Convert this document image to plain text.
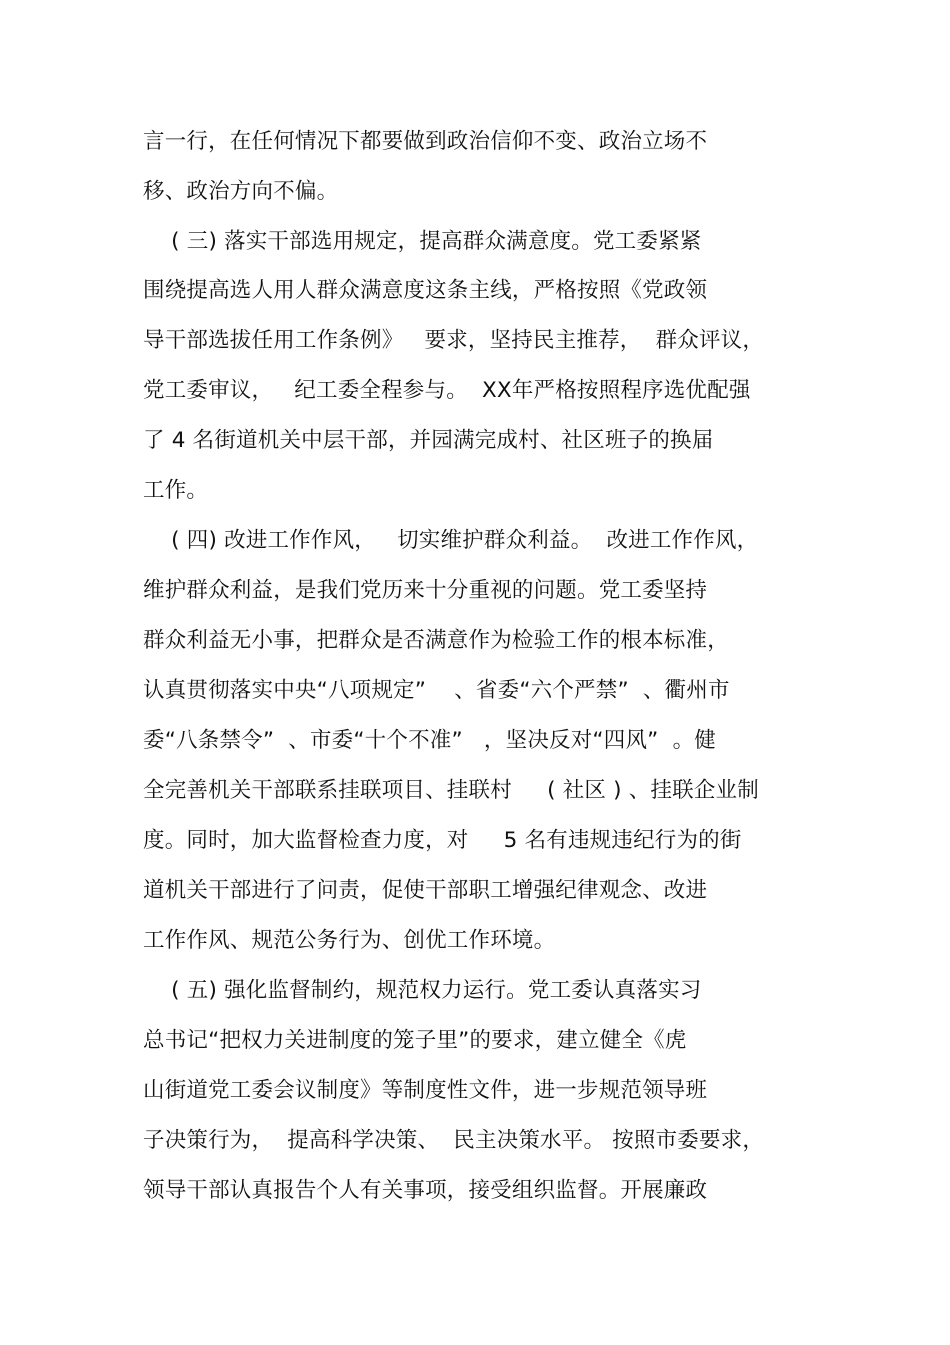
言一行，在任何情况下都要做到政治信仰不变、政治立场不
移、政治方向不偏。
( 三) 落实干部选用规定，提高群众满意度。党工委紧紧
围绕提高选人用人群众满意度这条主线，严格按照《党政领
导干部选拔任用工作条例》   要求，坚持民主推荐，  群众评议，
党工委审议，   纪工委全程参与。  XX年严格按照程序选优配强
了 4 名街道机关中层干部，并园满完成村、社区班子的换届
工作。
( 四) 改进工作作风，   切实维护群众利益。  改进工作作风，
维护群众利益，是我们党历来十分重视的问题。党工委坚持
群众利益无小事，把群众是否满意作为检验工作的根本标准，
认真贯彻落实中央“八项规定”    、省委“六个严禁”  、衢州市
委“八条禁令”  、市委“十个不准”   ，坚决反对“四风”  。健
全完善机关干部联系挂联项目、挂联村     ( 社区 ) 、挂联企业制
度。同时，加大监督检查力度，对     5 名有违规违纪行为的街
道机关干部进行了问责，促使干部职工增强纪律观念、改进
工作作风、规范公务行为、创优工作环境。
( 五) 强化监督制约，规范权力运行。党工委认真落实习
总书记“把权力关进制度的笼子里”的要求，建立健全《虎
山街道党工委会议制度》等制度性文件，进一步规范领导班
子决策行为，  提高科学决策、  民主决策水平。 按照市委要求，
领导干部认真报告个人有关事项，接受组织监督。开展廉政
